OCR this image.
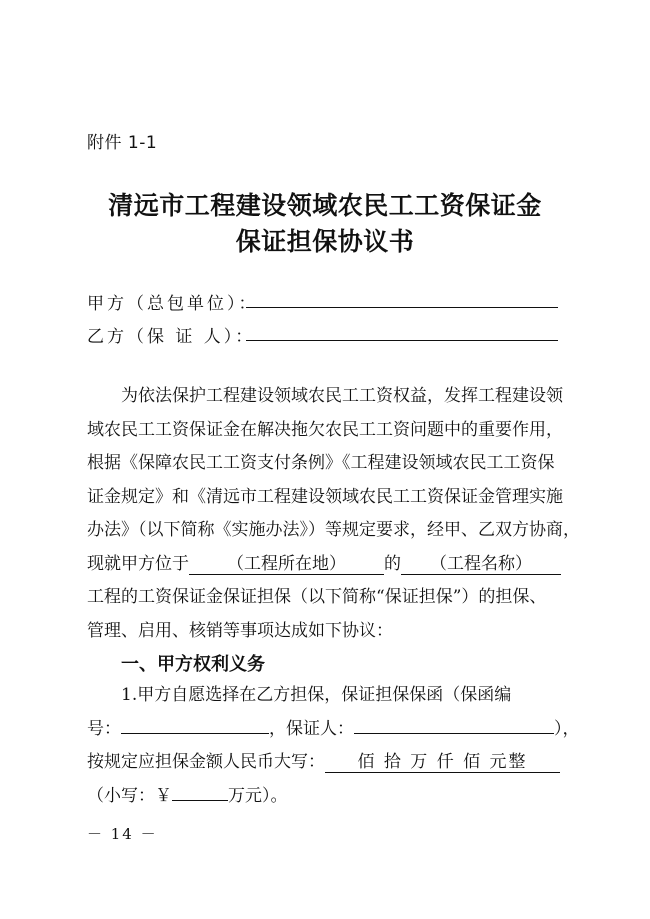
附件 1-1
清远市工程建设领域农民工工资保证金
保证担保协议书
甲方（总包单位）：
乙方（保 证 人）：
为依法保护工程建设领域农民工工资权益，发挥工程建设领
域农民工工资保证金在解决拖欠农民工工资问题中的重要作用，
根据《保障农民工工资支付条例》《工程建设领域农民工工资保
证金规定》和《清远市工程建设领域农民工工资保证金管理实施
办法》（以下简称《实施办法》）等规定要求，经甲、乙双方协商，
现就甲方位于 （工程所在地） 的 （工程名称）
工程的工资保证金保证担保（以下简称“保证担保”）的担保、
管理、启用、核销等事项达成如下协议：
一、甲方权利义务
1.甲方自愿选择在乙方担保，保证担保保函（保函编
号：	，保证人：	），
按规定应担保金额人民币大写： 佰 拾 万 仟 佰 元整
（小写：￥	万元）。
－ 14 －
